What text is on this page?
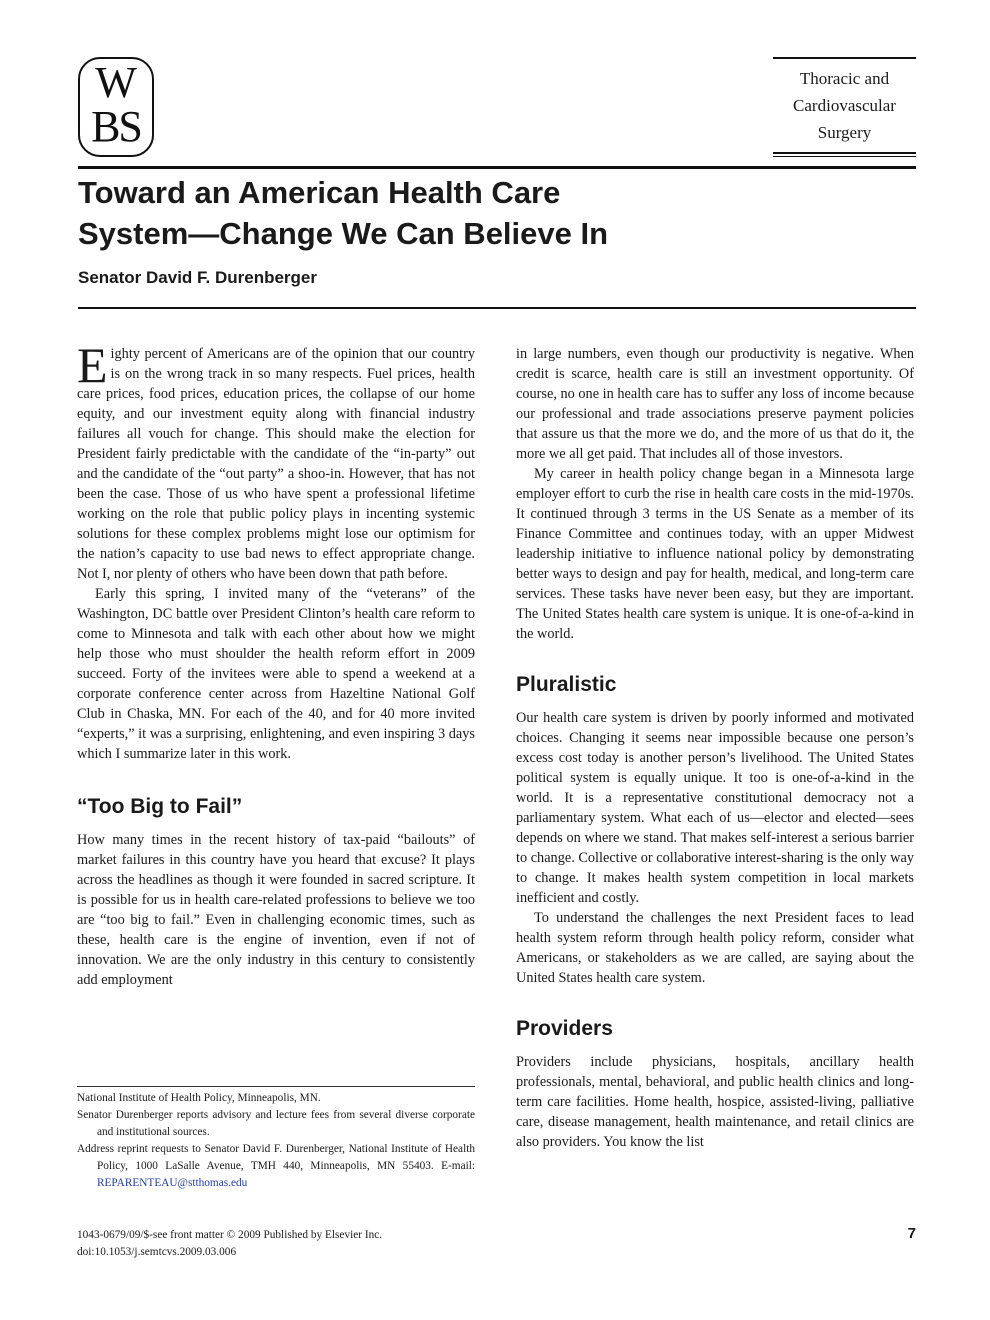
W
BS
Thoracic and
Cardiovascular
Surgery
Toward an American Health Care
System—Change We Can Believe In

Senator David F. Durenberger

Eighty percent of Americans are of the opinion that our country is on the wrong track in so many respects. Fuel prices, health care prices, food prices, education prices, the collapse of our home equity, and our investment equity along with financial industry failures all vouch for change. This should make the election for President fairly predictable with the candidate of the “in-party” out and the candidate of the “out party” a shoo-in. However, that has not been the case. Those of us who have spent a professional lifetime working on the role that public policy plays in incenting systemic solutions for these complex problems might lose our optimism for the nation’s capacity to use bad news to effect appropriate change. Not I, nor plenty of others who have been down that path before.

Early this spring, I invited many of the “veterans” of the Washington, DC battle over President Clinton’s health care reform to come to Minnesota and talk with each other about how we might help those who must shoulder the health reform effort in 2009 succeed. Forty of the invitees were able to spend a weekend at a corporate conference center across from Hazeltine National Golf Club in Chaska, MN. For each of the 40, and for 40 more invited “experts,” it was a surprising, enlightening, and even inspiring 3 days which I summarize later in this work.

“Too Big to Fail”

How many times in the recent history of tax-paid “bailouts” of market failures in this country have you heard that excuse? It plays across the headlines as though it were founded in sacred scripture. It is possible for us in health care-related professions to believe we too are “too big to fail.” Even in challenging economic times, such as these, health care is the engine of invention, even if not of innovation. We are the only industry in this century to consistently add employment

in large numbers, even though our productivity is negative. When credit is scarce, health care is still an investment opportunity. Of course, no one in health care has to suffer any loss of income because our professional and trade associations preserve payment policies that assure us that the more we do, and the more of us that do it, the more we all get paid. That includes all of those investors.

My career in health policy change began in a Minnesota large employer effort to curb the rise in health care costs in the mid-1970s. It continued through 3 terms in the US Senate as a member of its Finance Committee and continues today, with an upper Midwest leadership initiative to influence national policy by demonstrating better ways to design and pay for health, medical, and long-term care services. These tasks have never been easy, but they are important. The United States health care system is unique. It is one-of-a-kind in the world.

Pluralistic

Our health care system is driven by poorly informed and motivated choices. Changing it seems near impossible because one person’s excess cost today is another person’s livelihood. The United States political system is equally unique. It too is one-of-a-kind in the world. It is a representative constitutional democracy not a parliamentary system. What each of us—elector and elected—sees depends on where we stand. That makes self-interest a serious barrier to change. Collective or collaborative interest-sharing is the only way to change. It makes health system competition in local markets inefficient and costly.

To understand the challenges the next President faces to lead health system reform through health policy reform, consider what Americans, or stakeholders as we are called, are saying about the United States health care system.

Providers

Providers include physicians, hospitals, ancillary health professionals, mental, behavioral, and public health clinics and long-term care facilities. Home health, hospice, assisted-living, palliative care, disease management, health maintenance, and retail clinics are also providers. You know the list

National Institute of Health Policy, Minneapolis, MN.
Senator Durenberger reports advisory and lecture fees from several diverse corporate and institutional sources.
Address reprint requests to Senator David F. Durenberger, National Institute of Health Policy, 1000 LaSalle Avenue, TMH 440, Minneapolis, MN 55403. E-mail: REPARENTEAU@stthomas.edu
1043-0679/09/$-see front matter © 2009 Published by Elsevier Inc.
doi:10.1053/j.semtcvs.2009.03.006
7
